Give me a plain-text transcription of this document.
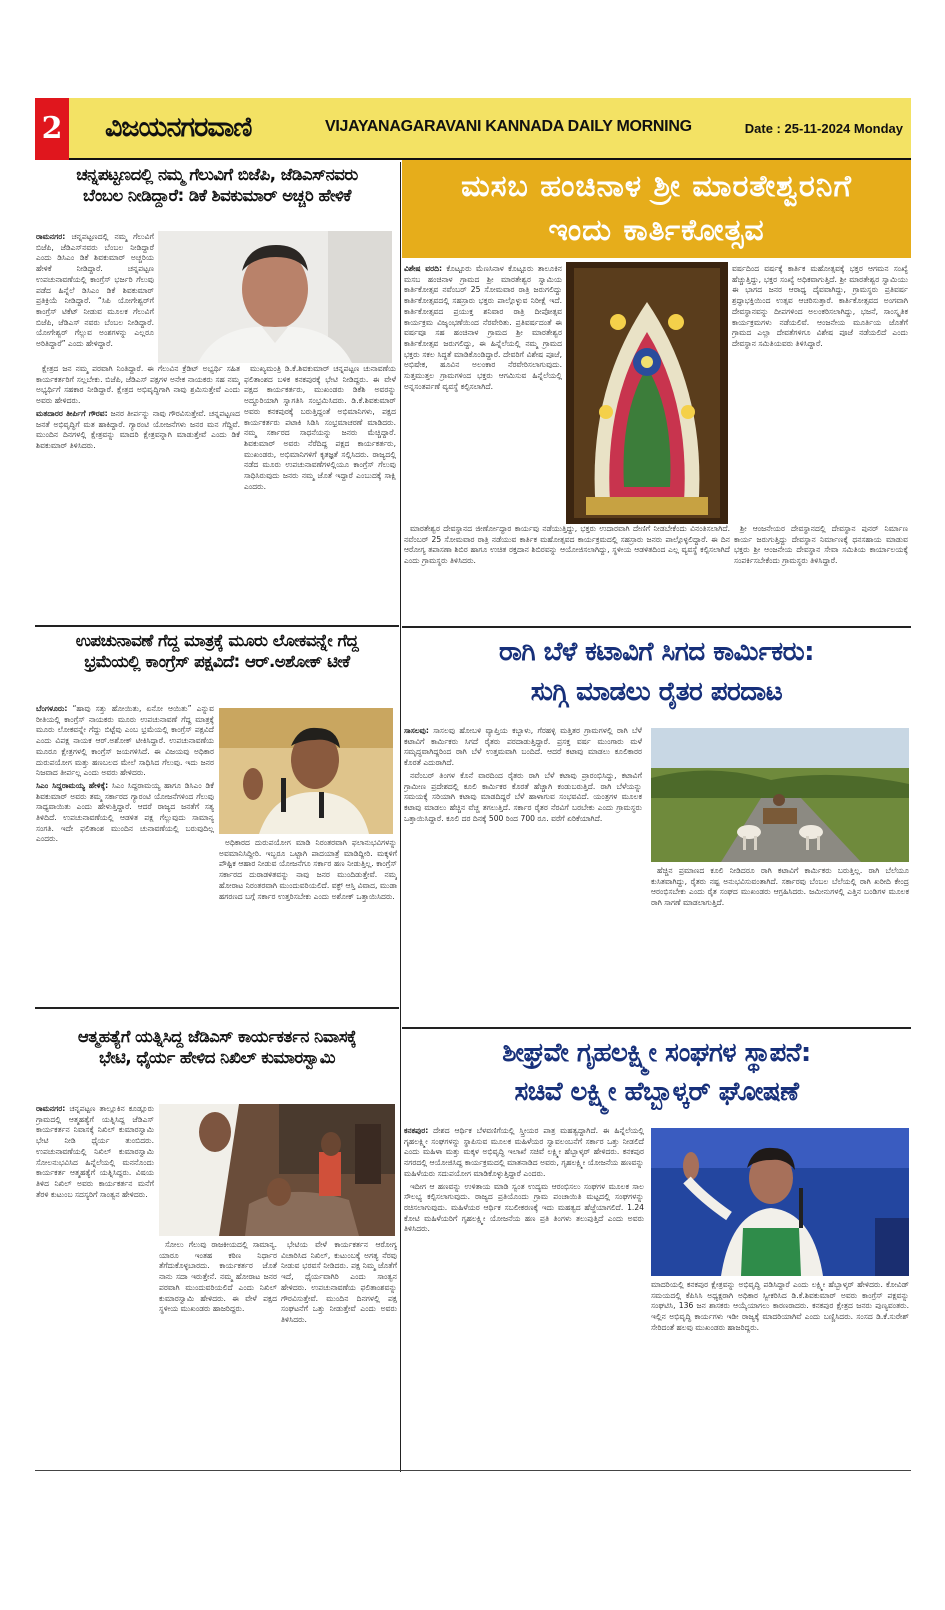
2 ವಿಜಯನಗರವಾಣಿ	VIJAYANAGARAVANI KANNADA DAILY MORNING	Date : 25-11-2024 Monday
ಚನ್ನಪಟ್ಟಣದಲ್ಲಿ ನಮ್ಮ ಗೆಲುವಿಗೆ ಬಿಜೆಪಿ, ಜೆಡಿಎಸ್‌ನವರು
ಬೆಂಬಲ ನೀಡಿದ್ದಾರೆ: ಡಿಕೆ ಶಿವಕುಮಾರ್ ಅಚ್ಚರಿ ಹೇಳಿಕೆ

ರಾಮನಗರ: ಚನ್ನಪಟ್ಟಣದಲ್ಲಿ ನಮ್ಮ ಗೆಲುವಿಗೆ ಬಿಜೆಪಿ, ಜೆಡಿಎಸ್‌ನವರು ಬೆಂಬಲ ನೀಡಿದ್ದಾರೆ ಎಂದು ಡಿಸಿಎಂ ಡಿಕೆ ಶಿವಕುಮಾರ್ ಅಚ್ಚರಿಯ ಹೇಳಿಕೆ ನೀಡಿದ್ದಾರೆ. ಚನ್ನಪಟ್ಟಣ ಉಪಚುನಾವಣೆಯಲ್ಲಿ ಕಾಂಗ್ರೆಸ್ ಭರ್ಜರಿ ಗೆಲುವು ಪಡೆದ ಹಿನ್ನೆಲೆ ಡಿಸಿಎಂ ಡಿಕೆ ಶಿವಕುಮಾರ್ ಪ್ರತಿಕ್ರಿಯೆ ನೀಡಿದ್ದಾರೆ. “ಸಿಪಿ ಯೋಗೇಶ್ವರ್‌ಗೆ ಕಾಂಗ್ರೆಸ್ ಟಿಕೆಟ್ ನೀಡುವ ಮೂಲಕ ಗೆಲುವಿಗೆ ಬಿಜೆಪಿ, ಜೆಡಿಎಸ್ ನವರು ಬೆಂಬಲ ನೀಡಿದ್ದಾರೆ. ಯೋಗೇಶ್ವರ್ ಗೆಲ್ಲುವ ಅಂಶಗಳನ್ನು ಎಲ್ಲರೂ ಅರಿತಿದ್ದಾರೆ” ಎಂದು ಹೇಳಿದ್ದಾರೆ.

ಕ್ಷೇತ್ರದ ಜನ ನಮ್ಮ ಪರವಾಗಿ ನಿಂತಿದ್ದಾರೆ. ಈ ಗೆಲುವಿನ ಕ್ರೆಡಿಟ್ ಅಭ್ಯರ್ಥಿ ಸಹಿತ ಕಾರ್ಯಕರ್ತರಿಗೆ ಸಲ್ಲಬೇಕು. ಬಿಜೆಪಿ, ಜೆಡಿಎಸ್ ಪಕ್ಷಗಳ ಅನೇಕ ನಾಯಕರು ಸಹ ನಮ್ಮ ಅಭ್ಯರ್ಥಿಗೆ ಸಹಕಾರ ನೀಡಿದ್ದಾರೆ. ಕ್ಷೇತ್ರದ ಅಭಿವೃದ್ಧಿಗಾಗಿ ನಾವು ಶ್ರಮಿಸುತ್ತೇವೆ ಎಂದು ಅವರು ಹೇಳಿದರು.

ಮತದಾರರ ತೀರ್ಪಿಗೆ ಗೌರವ: ಜನರ ತೀರ್ಪನ್ನು ನಾವು ಗೌರವಿಸುತ್ತೇವೆ. ಚನ್ನಪಟ್ಟಣದ ಜನತೆ ಅಭಿವೃದ್ಧಿಗೆ ಮತ ಹಾಕಿದ್ದಾರೆ. ಗ್ಯಾರಂಟಿ ಯೋಜನೆಗಳು ಜನರ ಮನ ಗೆದ್ದಿವೆ. ಮುಂದಿನ ದಿನಗಳಲ್ಲಿ ಕ್ಷೇತ್ರವನ್ನು ಮಾದರಿ ಕ್ಷೇತ್ರವನ್ನಾಗಿ ಮಾಡುತ್ತೇವೆ ಎಂದು ಡಿಕೆ ಶಿವಕುಮಾರ್ ತಿಳಿಸಿದರು.

ಮುಖ್ಯಮಂತ್ರಿ ಡಿ.ಕೆ.ಶಿವಕುಮಾರ್ ಚನ್ನಪಟ್ಟಣ ಚುನಾವಣೆಯ ಫಲಿತಾಂಶದ ಬಳಿಕ ಕನಕಪುರಕ್ಕೆ ಭೇಟಿ ನೀಡಿದ್ದರು. ಈ ವೇಳೆ ಪಕ್ಷದ ಕಾರ್ಯಕರ್ತರು, ಮುಖಂಡರು ಡಿಕೆಶಿ ಅವರನ್ನು ಅದ್ದೂರಿಯಾಗಿ ಸ್ವಾಗತಿಸಿ ಸಂಭ್ರಮಿಸಿದರು. ಡಿ.ಕೆ.ಶಿವಕುಮಾರ್ ಅವರು ಕನಕಪುರಕ್ಕೆ ಬರುತ್ತಿದ್ದಂತೆ ಅಭಿಮಾನಿಗಳು, ಪಕ್ಷದ ಕಾರ್ಯಕರ್ತರು ಪಟಾಕಿ ಸಿಡಿಸಿ ಸಂಭ್ರಮಾಚರಣೆ ಮಾಡಿದರು. ನಮ್ಮ ಸರ್ಕಾರದ ಸಾಧನೆಯನ್ನು ಜನರು ಮೆಚ್ಚಿದ್ದಾರೆ. ಶಿವಕುಮಾರ್ ಅವರು ನೆರೆದಿದ್ದ ಪಕ್ಷದ ಕಾರ್ಯಕರ್ತರು, ಮುಖಂಡರು, ಅಭಿಮಾನಿಗಳಿಗೆ ಕೃತಜ್ಞತೆ ಸಲ್ಲಿಸಿದರು. ರಾಜ್ಯದಲ್ಲಿ ನಡೆದ ಮೂರು ಉಪಚುನಾವಣೆಗಳಲ್ಲಿಯೂ ಕಾಂಗ್ರೆಸ್ ಗೆಲುವು ಸಾಧಿಸಿರುವುದು ಜನರು ನಮ್ಮ ಜೊತೆ ಇದ್ದಾರೆ ಎಂಬುದಕ್ಕೆ ಸಾಕ್ಷಿ ಎಂದರು.

ಮಸಬ ಹಂಚಿನಾಳ ಶ್ರೀ ಮಾರತೇಶ್ವರನಿಗೆ
ಇಂದು ಕಾರ್ತಿಕೋತ್ಸವ

ವಿಶೇಷ ವರದಿ: ಕೊಟ್ಟೂರು ಮೆಣಸಿನಾಳ ಕೊಟ್ಟೂರು ತಾಲೂಕಿನ ಮಸಬ ಹಂಚಿನಾಳ ಗ್ರಾಮದ ಶ್ರೀ ಮಾರತೇಶ್ವರ ಸ್ವಾಮಿಯ ಕಾರ್ತಿಕೋತ್ಸವ ನವೆಂಬರ್ 25 ಸೋಮವಾರ ರಾತ್ರಿ ಜರುಗಲಿದ್ದು ಕಾರ್ತಿಕೋತ್ಸವದಲ್ಲಿ ಸಹಸ್ರಾರು ಭಕ್ತರು ಪಾಲ್ಗೊಳ್ಳುವ ನಿರೀಕ್ಷೆ ಇದೆ. ಕಾರ್ತಿಕೋತ್ಸವದ ಪ್ರಯುಕ್ತ ಶನಿವಾರ ರಾತ್ರಿ ದೀಪೋತ್ಸವ ಕಾರ್ಯಕ್ರಮ ವಿಜೃಂಭಣೆಯಿಂದ ನೆರವೇರಿತು. ಪ್ರತಿವರ್ಷದಂತೆ ಈ ವರ್ಷವೂ ಸಹ ಹಂಚಿನಾಳ ಗ್ರಾಮದ ಶ್ರೀ ಮಾರತೇಶ್ವರ ಕಾರ್ತಿಕೋತ್ಸವ ಜರುಗಲಿದ್ದು, ಈ ಹಿನ್ನೆಲೆಯಲ್ಲಿ ನಮ್ಮ ಗ್ರಾಮದ ಭಕ್ತರು ಸಕಲ ಸಿದ್ಧತೆ ಮಾಡಿಕೊಂಡಿದ್ದಾರೆ. ದೇವರಿಗೆ ವಿಶೇಷ ಪೂಜೆ, ಅಭಿಷೇಕ, ಹೂವಿನ ಅಲಂಕಾರ ನೆರವೇರಿಸಲಾಗುವುದು. ಸುತ್ತಮುತ್ತಲ ಗ್ರಾಮಗಳಿಂದ ಭಕ್ತರು ಆಗಮಿಸುವ ಹಿನ್ನೆಲೆಯಲ್ಲಿ ಅನ್ನಸಂತರ್ಪಣೆ ವ್ಯವಸ್ಥೆ ಕಲ್ಪಿಸಲಾಗಿದೆ.

ವರ್ಷದಿಂದ ವರ್ಷಕ್ಕೆ ಕಾರ್ತಿಕ ಮಹೋತ್ಸವಕ್ಕೆ ಭಕ್ತರ ಆಗಮನ ಸಂಖ್ಯೆ ಹೆಚ್ಚುತ್ತಿದ್ದು, ಭಕ್ತರ ಸಂಖ್ಯೆ ಅಧಿಕವಾಗುತ್ತಿದೆ. ಶ್ರೀ ಮಾರತೇಶ್ವರ ಸ್ವಾಮಿಯು ಈ ಭಾಗದ ಜನರ ಆರಾಧ್ಯ ದೈವವಾಗಿದ್ದು, ಗ್ರಾಮಸ್ಥರು ಪ್ರತಿವರ್ಷ ಶ್ರದ್ಧಾಭಕ್ತಿಯಿಂದ ಉತ್ಸವ ಆಚರಿಸುತ್ತಾರೆ. ಕಾರ್ತಿಕೋತ್ಸವದ ಅಂಗವಾಗಿ ದೇವಸ್ಥಾನವನ್ನು ದೀಪಗಳಿಂದ ಅಲಂಕರಿಸಲಾಗಿದ್ದು, ಭಜನೆ, ಸಾಂಸ್ಕೃತಿಕ ಕಾರ್ಯಕ್ರಮಗಳು ನಡೆಯಲಿವೆ. ಆಂಜನೇಯ ಮೂರ್ತಿಯ ಜೊತೆಗೆ ಗ್ರಾಮದ ಎಲ್ಲಾ ದೇವತೆಗಳಿಗೂ ವಿಶೇಷ ಪೂಜೆ ನಡೆಯಲಿದೆ ಎಂದು ದೇವಸ್ಥಾನ ಸಮಿತಿಯವರು ತಿಳಿಸಿದ್ದಾರೆ.

ಮಾರತೇಶ್ವರ ದೇವಸ್ಥಾನದ ಜೀರ್ಣೋದ್ಧಾರ ಕಾರ್ಯವು ನಡೆಯುತ್ತಿದ್ದು, ಭಕ್ತರು ಉದಾರವಾಗಿ ದೇಣಿಗೆ ನೀಡಬೇಕೆಂದು ವಿನಂತಿಸಲಾಗಿದೆ. ನವೆಂಬರ್ 25 ಸೋಮವಾರ ರಾತ್ರಿ ನಡೆಯುವ ಕಾರ್ತಿಕ ಮಹೋತ್ಸವದ ಕಾರ್ಯಕ್ರಮದಲ್ಲಿ ಸಹಸ್ರಾರು ಜನರು ಪಾಲ್ಗೊಳ್ಳಲಿದ್ದಾರೆ. ಈ ದಿನ ಆರೋಗ್ಯ ತಪಾಸಣಾ ಶಿಬಿರ ಹಾಗೂ ಉಚಿತ ರಕ್ತದಾನ ಶಿಬಿರವನ್ನು ಆಯೋಜಿಸಲಾಗಿದ್ದು, ಸ್ಥಳೀಯ ಆಡಳಿತದಿಂದ ಎಲ್ಲ ವ್ಯವಸ್ಥೆ ಕಲ್ಪಿಸಲಾಗಿದೆ ಎಂದು ಗ್ರಾಮಸ್ಥರು ತಿಳಿಸಿದರು.

ಶ್ರೀ ಆಂಜನೇಯರ ದೇವಸ್ಥಾನದಲ್ಲಿ ದೇವಸ್ಥಾನ ಪುನರ್ ನಿರ್ಮಾಣ ಕಾರ್ಯ ಜರುಗುತ್ತಿದ್ದು ದೇವಸ್ಥಾನ ನಿರ್ಮಾಣಕ್ಕೆ ಧನಸಹಾಯ ಮಾಡುವ ಭಕ್ತರು ಶ್ರೀ ಆಂಜನೇಯ ದೇವಸ್ಥಾನ ಸೇವಾ ಸಮಿತಿಯ ಕಾರ್ಯಾಲಯಕ್ಕೆ ಸಂಪರ್ಕಿಸಬೇಕೆಂದು ಗ್ರಾಮಸ್ಥರು ತಿಳಿಸಿದ್ದಾರೆ.

ಉಪಚುನಾವಣೆ ಗೆದ್ದ ಮಾತ್ರಕ್ಕೆ ಮೂರು ಲೋಕವನ್ನೇ ಗೆದ್ದ
ಭ್ರಮೆಯಲ್ಲಿ ಕಾಂಗ್ರೆಸ್ ಪಕ್ಷವಿದೆ: ಆರ್.ಅಶೋಕ್ ಟೀಕೆ

ಬೆಂಗಳೂರು: “ಹಾವು ಸತ್ತು ಹೋಯಿತು, ಏನೋ ಆಯಿತು” ಎನ್ನುವ ರೀತಿಯಲ್ಲಿ ಕಾಂಗ್ರೆಸ್ ನಾಯಕರು ಮೂರು ಉಪಚುನಾವಣೆ ಗೆದ್ದ ಮಾತ್ರಕ್ಕೆ ಮೂರು ಲೋಕವನ್ನೇ ಗೆದ್ದು ಬಿಟ್ಟೆವು ಎಂಬ ಭ್ರಮೆಯಲ್ಲಿ ಕಾಂಗ್ರೆಸ್ ಪಕ್ಷವಿದೆ ಎಂದು ವಿಪಕ್ಷ ನಾಯಕ ಆರ್.ಅಶೋಕ್ ಟೀಕಿಸಿದ್ದಾರೆ. ಉಪಚುನಾವಣೆಯ ಮೂರೂ ಕ್ಷೇತ್ರಗಳಲ್ಲಿ ಕಾಂಗ್ರೆಸ್ ಜಯಗಳಿಸಿದೆ. ಈ ವಿಜಯವು ಅಧಿಕಾರ ದುರುಪಯೋಗ ಮತ್ತು ಹಣಬಲದ ಮೇಲೆ ಸಾಧಿಸಿದ ಗೆಲುವು. ಇದು ಜನರ ನಿಜವಾದ ತೀರ್ಪಲ್ಲ ಎಂದು ಅವರು ಹೇಳಿದರು.

ಸಿಎಂ ಸಿದ್ದರಾಮಯ್ಯ ಹೇಳಿಕ್ಕೆ: ಸಿಎಂ ಸಿದ್ದರಾಮಯ್ಯ ಹಾಗೂ ಡಿಸಿಎಂ ಡಿಕೆ ಶಿವಕುಮಾರ್ ಅವರು ತಮ್ಮ ಸರ್ಕಾರದ ಗ್ಯಾರಂಟಿ ಯೋಜನೆಗಳಿಂದ ಗೆಲುವು ಸಾಧ್ಯವಾಯಿತು ಎಂದು ಹೇಳುತ್ತಿದ್ದಾರೆ. ಆದರೆ ರಾಜ್ಯದ ಜನತೆಗೆ ಸತ್ಯ ತಿಳಿದಿದೆ. ಉಪಚುನಾವಣೆಯಲ್ಲಿ ಆಡಳಿತ ಪಕ್ಷ ಗೆಲ್ಲುವುದು ಸಾಮಾನ್ಯ ಸಂಗತಿ. ಇದೇ ಫಲಿತಾಂಶ ಮುಂದಿನ ಚುನಾವಣೆಯಲ್ಲಿ ಬರುವುದಿಲ್ಲ ಎಂದರು.	ಅಧಿಕಾರದ ದುರುಪಯೋಗ ಮಾಡಿ ನಿರಂತರವಾಗಿ ಫಲಾನುಭವಿಗಳನ್ನು ಅವಮಾನಿಸಿದ್ದೀರಿ. ಇಬ್ಬರೂ ಒಟ್ಟಾಗಿ ಪಾದಯಾತ್ರೆ ಮಾಡಿದ್ದೀರಿ. ಮಕ್ಕಳಿಗೆ ಪೌಷ್ಟಿಕ ಆಹಾರ ನೀಡುವ ಯೋಜನೆಗೂ ಸರ್ಕಾರ ಹಣ ನೀಡುತ್ತಿಲ್ಲ. ಕಾಂಗ್ರೆಸ್ ಸರ್ಕಾರದ ದುರಾಡಳಿತವನ್ನು ನಾವು ಜನರ ಮುಂದಿಡುತ್ತೇವೆ. ನಮ್ಮ ಹೋರಾಟ ನಿರಂತರವಾಗಿ ಮುಂದುವರಿಯಲಿದೆ. ವಕ್ಫ್ ಆಸ್ತಿ ವಿವಾದ, ಮುಡಾ ಹಗರಣದ ಬಗ್ಗೆ ಸರ್ಕಾರ ಉತ್ತರಿಸಬೇಕು ಎಂದು ಅಶೋಕ್ ಒತ್ತಾಯಿಸಿದರು.

ರಾಗಿ ಬೆಳೆ ಕಟಾವಿಗೆ ಸಿಗದ ಕಾರ್ಮಿಕರು:
ಸುಗ್ಗಿ ಮಾಡಲು ರೈತರ ಪರದಾಟ

ಸಾಸಲವು: ಸಾಸಲವು ಹೋಬಳಿ ವ್ಯಾಪ್ತಿಯ ಕಬ್ಬಾಳು, ಗೆರಹಳ್ಳಿ ಮತ್ತಿತರ ಗ್ರಾಮಗಳಲ್ಲಿ ರಾಗಿ ಬೆಳೆ ಕಟಾವಿಗೆ ಕಾರ್ಮಿಕರು ಸಿಗದೆ ರೈತರು ಪರದಾಡುತ್ತಿದ್ದಾರೆ. ಪ್ರಸಕ್ತ ವರ್ಷ ಮುಂಗಾರು ಮಳೆ ಸಮೃದ್ಧವಾಗಿದ್ದರಿಂದ ರಾಗಿ ಬೆಳೆ ಉತ್ತಮವಾಗಿ ಬಂದಿದೆ. ಆದರೆ ಕಟಾವು ಮಾಡಲು ಕೂಲಿಕಾರರ ಕೊರತೆ ಎದುರಾಗಿದೆ.

ನವೆಂಬರ್ ತಿಂಗಳ ಕೊನೆ ವಾರದಿಂದ ರೈತರು ರಾಗಿ ಬೆಳೆ ಕಟಾವು ಪ್ರಾರಂಭಿಸಿದ್ದು, ಕಟಾವಿಗೆ ಗ್ರಾಮೀಣ ಪ್ರದೇಶದಲ್ಲಿ ಕೂಲಿ ಕಾರ್ಮಿಕರ ಕೊರತೆ ಹೆಚ್ಚಾಗಿ ಕಂಡುಬರುತ್ತಿದೆ. ರಾಗಿ ಬೆಳೆಯನ್ನು ಸಮಯಕ್ಕೆ ಸರಿಯಾಗಿ ಕಟಾವು ಮಾಡದಿದ್ದರೆ ಬೆಳೆ ಹಾಳಾಗುವ ಸಂಭವವಿದೆ. ಯಂತ್ರಗಳ ಮೂಲಕ ಕಟಾವು ಮಾಡಲು ಹೆಚ್ಚಿನ ವೆಚ್ಚ ತಗಲುತ್ತಿದೆ. ಸರ್ಕಾರ ರೈತರ ನೆರವಿಗೆ ಬರಬೇಕು ಎಂದು ಗ್ರಾಮಸ್ಥರು ಒತ್ತಾಯಿಸಿದ್ದಾರೆ. ಕೂಲಿ ದರ ದಿನಕ್ಕೆ 500 ರಿಂದ 700 ರೂ. ವರೆಗೆ ಏರಿಕೆಯಾಗಿದೆ.

ಹೆಚ್ಚಿನ ಪ್ರಮಾಣದ ಕೂಲಿ ನೀಡಿದರೂ ರಾಗಿ ಕಟಾವಿಗೆ ಕಾರ್ಮಿಕರು ಬರುತ್ತಿಲ್ಲ. ರಾಗಿ ಬೆಲೆಯೂ ಕುಸಿತವಾಗಿದ್ದು, ರೈತರು ನಷ್ಟ ಅನುಭವಿಸುವಂತಾಗಿದೆ. ಸರ್ಕಾರವು ಬೆಂಬಲ ಬೆಲೆಯಲ್ಲಿ ರಾಗಿ ಖರೀದಿ ಕೇಂದ್ರ ಆರಂಭಿಸಬೇಕು ಎಂದು ರೈತ ಸಂಘದ ಮುಖಂಡರು ಆಗ್ರಹಿಸಿದರು. ಜಮೀನುಗಳಲ್ಲಿ ಎತ್ತಿನ ಬಂಡಿಗಳ ಮೂಲಕ ರಾಗಿ ಸಾಗಣೆ ಮಾಡಲಾಗುತ್ತಿದೆ.

ಆತ್ಮಹತ್ಯೆಗೆ ಯತ್ನಿಸಿದ್ದ ಜೆಡಿಎಸ್ ಕಾರ್ಯಕರ್ತನ ನಿವಾಸಕ್ಕೆ
ಭೇಟಿ, ಧೈರ್ಯ ಹೇಳಿದ ನಿಖಿಲ್ ಕುಮಾರಸ್ವಾಮಿ

ರಾಮನಗರ: ಚನ್ನಪಟ್ಟಣ ತಾಲ್ಲೂಕಿನ ಕೂಡ್ಲೂರು ಗ್ರಾಮದಲ್ಲಿ ಆತ್ಮಹತ್ಯೆಗೆ ಯತ್ನಿಸಿದ್ದ ಜೆಡಿಎಸ್ ಕಾರ್ಯಕರ್ತನ ನಿವಾಸಕ್ಕೆ ನಿಖಿಲ್ ಕುಮಾರಸ್ವಾಮಿ ಭೇಟಿ ನೀಡಿ ಧೈರ್ಯ ತುಂಬಿದರು. ಉಪಚುನಾವಣೆಯಲ್ಲಿ ನಿಖಿಲ್ ಕುಮಾರಸ್ವಾಮಿ ಸೋಲನುಭವಿಸಿದ ಹಿನ್ನೆಲೆಯಲ್ಲಿ ಮನನೊಂದು ಕಾರ್ಯಕರ್ತ ಆತ್ಮಹತ್ಯೆಗೆ ಯತ್ನಿಸಿದ್ದರು. ವಿಷಯ ತಿಳಿದ ನಿಖಿಲ್ ಅವರು ಕಾರ್ಯಕರ್ತನ ಮನೆಗೆ ತೆರಳಿ ಕುಟುಂಬ ಸದಸ್ಯರಿಗೆ ಸಾಂತ್ವನ ಹೇಳಿದರು.

ಸೋಲು ಗೆಲುವು ರಾಜಕೀಯದಲ್ಲಿ ಸಾಮಾನ್ಯ. ಯಾರೂ ಇಂತಹ ಕಠಿಣ ನಿರ್ಧಾರ ತೆಗೆದುಕೊಳ್ಳಬಾರದು. ಕಾರ್ಯಕರ್ತರ ಜೊತೆ ನಾನು ಸದಾ ಇರುತ್ತೇನೆ. ನಮ್ಮ ಹೋರಾಟ ಜನರ ಪರವಾಗಿ ಮುಂದುವರಿಯಲಿದೆ ಎಂದು ನಿಖಿಲ್ ಕುಮಾರಸ್ವಾಮಿ ಹೇಳಿದರು. ಈ ವೇಳೆ ಪಕ್ಷದ ಸ್ಥಳೀಯ ಮುಖಂಡರು ಹಾಜರಿದ್ದರು.

ಭೇಟಿಯ ವೇಳೆ ಕಾರ್ಯಕರ್ತನ ಆರೋಗ್ಯ ವಿಚಾರಿಸಿದ ನಿಖಿಲ್, ಕುಟುಂಬಕ್ಕೆ ಅಗತ್ಯ ನೆರವು ನೀಡುವ ಭರವಸೆ ನೀಡಿದರು. ಪಕ್ಷ ನಿಮ್ಮ ಜೊತೆಗೆ ಇದೆ, ಧೈರ್ಯವಾಗಿರಿ ಎಂದು ಸಾಂತ್ವನ ಹೇಳಿದರು. ಉಪಚುನಾವಣೆಯ ಫಲಿತಾಂಶವನ್ನು ಗೌರವಿಸುತ್ತೇವೆ. ಮುಂದಿನ ದಿನಗಳಲ್ಲಿ ಪಕ್ಷ ಸಂಘಟನೆಗೆ ಒತ್ತು ನೀಡುತ್ತೇವೆ ಎಂದು ಅವರು ತಿಳಿಸಿದರು.

ಶೀಘ್ರವೇ ಗೃಹಲಕ್ಷ್ಮೀ ಸಂಘಗಳ ಸ್ಥಾಪನೆ:
ಸಚಿವೆ ಲಕ್ಷ್ಮೀ ಹೆಬ್ಬಾಳ್ಕರ್ ಘೋಷಣೆ

ಕನಕಪುರ: ದೇಶದ ಆರ್ಥಿಕ ಬೆಳವಣಿಗೆಯಲ್ಲಿ ಸ್ತ್ರೀಯರ ಪಾತ್ರ ಮಹತ್ವದ್ದಾಗಿದೆ. ಈ ಹಿನ್ನೆಲೆಯಲ್ಲಿ ಗೃಹಲಕ್ಷ್ಮೀ ಸಂಘಗಳನ್ನು ಸ್ಥಾಪಿಸುವ ಮೂಲಕ ಮಹಿಳೆಯರ ಸ್ವಾವಲಂಬನೆಗೆ ಸರ್ಕಾರ ಒತ್ತು ನೀಡಲಿದೆ ಎಂದು ಮಹಿಳಾ ಮತ್ತು ಮಕ್ಕಳ ಅಭಿವೃದ್ಧಿ ಇಲಾಖೆ ಸಚಿವೆ ಲಕ್ಷ್ಮೀ ಹೆಬ್ಬಾಳ್ಕರ್ ಹೇಳಿದರು. ಕನಕಪುರ ನಗರದಲ್ಲಿ ಆಯೋಜಿಸಿದ್ದ ಕಾರ್ಯಕ್ರಮದಲ್ಲಿ ಮಾತನಾಡಿದ ಅವರು, ಗೃಹಲಕ್ಷ್ಮೀ ಯೋಜನೆಯ ಹಣವನ್ನು ಮಹಿಳೆಯರು ಸದುಪಯೋಗ ಮಾಡಿಕೊಳ್ಳುತ್ತಿದ್ದಾರೆ ಎಂದರು.

ಇದೀಗ ಆ ಹಣವನ್ನು ಉಳಿತಾಯ ಮಾಡಿ ಸ್ವಂತ ಉದ್ಯಮ ಆರಂಭಿಸಲು ಸಂಘಗಳ ಮೂಲಕ ಸಾಲ ಸೌಲಭ್ಯ ಕಲ್ಪಿಸಲಾಗುವುದು. ರಾಜ್ಯದ ಪ್ರತಿಯೊಂದು ಗ್ರಾಮ ಪಂಚಾಯಿತಿ ಮಟ್ಟದಲ್ಲಿ ಸಂಘಗಳನ್ನು ರಚಿಸಲಾಗುವುದು. ಮಹಿಳೆಯರ ಆರ್ಥಿಕ ಸಬಲೀಕರಣಕ್ಕೆ ಇದು ಮಹತ್ವದ ಹೆಜ್ಜೆಯಾಗಲಿದೆ. 1.24 ಕೋಟಿ ಮಹಿಳೆಯರಿಗೆ ಗೃಹಲಕ್ಷ್ಮೀ ಯೋಜನೆಯ ಹಣ ಪ್ರತಿ ತಿಂಗಳು ತಲುಪುತ್ತಿದೆ ಎಂದು ಅವರು ತಿಳಿಸಿದರು.

ಮಾದರಿಯಲ್ಲಿ ಕನಕಪುರ ಕ್ಷೇತ್ರವನ್ನು ಅಭಿವೃದ್ಧಿ ಪಡಿಸಿದ್ದಾರೆ ಎಂದು ಲಕ್ಷ್ಮೀ ಹೆಬ್ಬಾಳ್ಕರ್ ಹೇಳಿದರು. ಕೋವಿಡ್ ಸಮಯದಲ್ಲಿ ಕೆಪಿಸಿಸಿ ಅಧ್ಯಕ್ಷರಾಗಿ ಅಧಿಕಾರ ಸ್ವೀಕರಿಸಿದ ಡಿ.ಕೆ.ಶಿವಕುಮಾರ್ ಅವರು ಕಾಂಗ್ರೆಸ್ ಪಕ್ಷವನ್ನು ಸಂಘಟಿಸಿ, 136 ಜನ ಶಾಸಕರು ಆಯ್ಕೆಯಾಗಲು ಕಾರಣರಾದರು. ಕನಕಪುರ ಕ್ಷೇತ್ರದ ಜನರು ಪುಣ್ಯವಂತರು. ಇಲ್ಲಿನ ಅಭಿವೃದ್ಧಿ ಕಾರ್ಯಗಳು ಇಡೀ ರಾಜ್ಯಕ್ಕೆ ಮಾದರಿಯಾಗಿವೆ ಎಂದು ಬಣ್ಣಿಸಿದರು. ಸಂಸದ ಡಿ.ಕೆ.ಸುರೇಶ್ ಸೇರಿದಂತೆ ಹಲವು ಮುಖಂಡರು ಹಾಜರಿದ್ದರು.
